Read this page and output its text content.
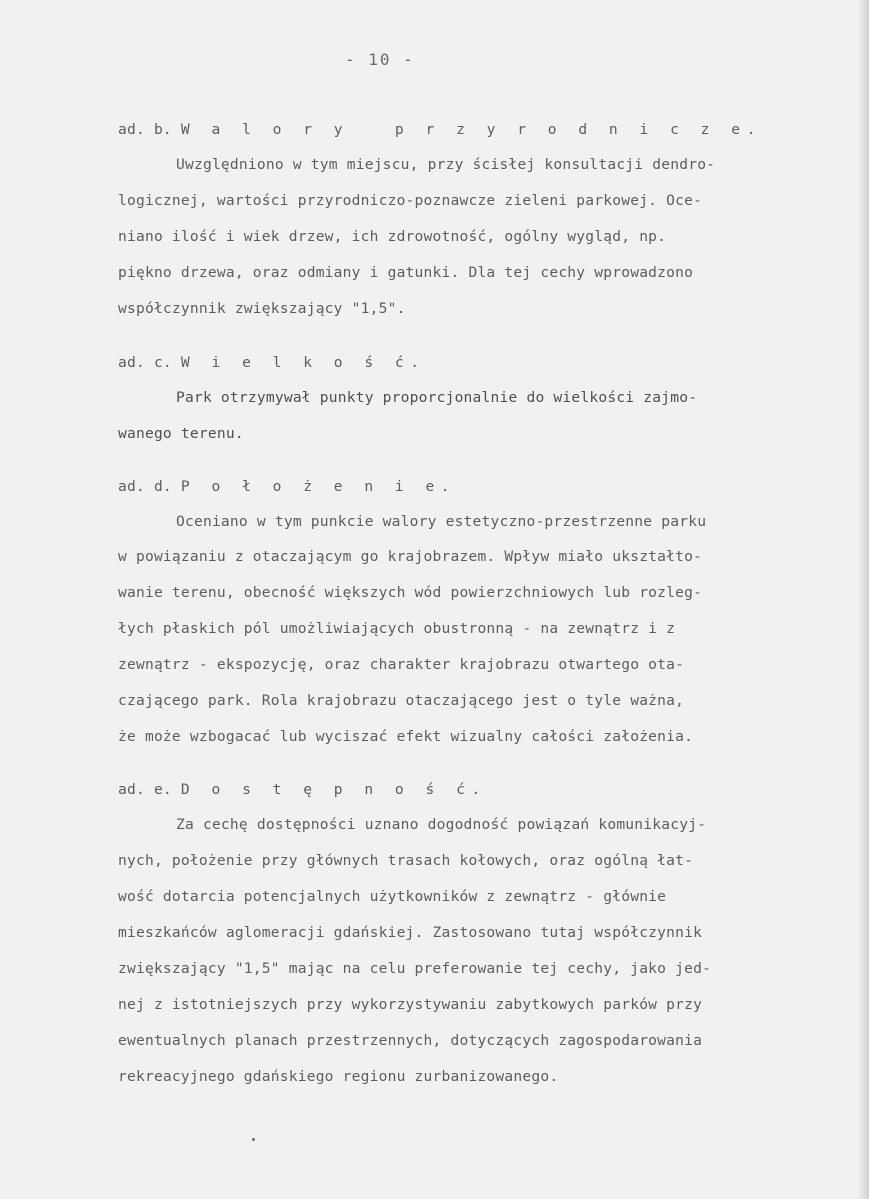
- 10 -
ad. b. W a l o r y   p r z y r o d n i c z e.
Uwzględniono w tym miejscu, przy ścisłej konsultacji dendro-
logicznej, wartości przyrodniczo-poznawcze zieleni parkowej. Oce-
niano ilość i wiek drzew, ich zdrowotność, ogólny wygląd, np.
piękno drzewa, oraz odmiany i gatunki. Dla tej cechy wprowadzono
współczynnik zwiększający "1,5".
ad. c. W i e l k o ś ć.
Park otrzymywał punkty proporcjonalnie do wielkości zajmo-
wanego terenu.
ad. d. P o ł o ż e n i e.
Oceniano w tym punkcie walory estetyczno-przestrzenne parku
w powiązaniu z otaczającym go krajobrazem. Wpływ miało ukształto-
wanie terenu, obecność większych wód powierzchniowych lub rozleg-
łych płaskich pól umożliwiających obustronną - na zewnątrz i z
zewnątrz - ekspozycję, oraz charakter krajobrazu otwartego ota-
czającego park. Rola krajobrazu otaczającego jest o tyle ważna,
że może wzbogacać lub wyciszać efekt wizualny całości założenia.
ad. e. D o s t ę p n o ś ć.
Za cechę dostępności uznano dogodność powiązań komunikacyj-
nych, położenie przy głównych trasach kołowych, oraz ogólną łat-
wość dotarcia potencjalnych użytkowników z zewnątrz - głównie
mieszkańców aglomeracji gdańskiej. Zastosowano tutaj współczynnik
zwiększający "1,5" mając na celu preferowanie tej cechy, jako jed-
nej z istotniejszych przy wykorzystywaniu zabytkowych parków przy
ewentualnych planach przestrzennych, dotyczących zagospodarowania
rekreacyjnego gdańskiego regionu zurbanizowanego.
